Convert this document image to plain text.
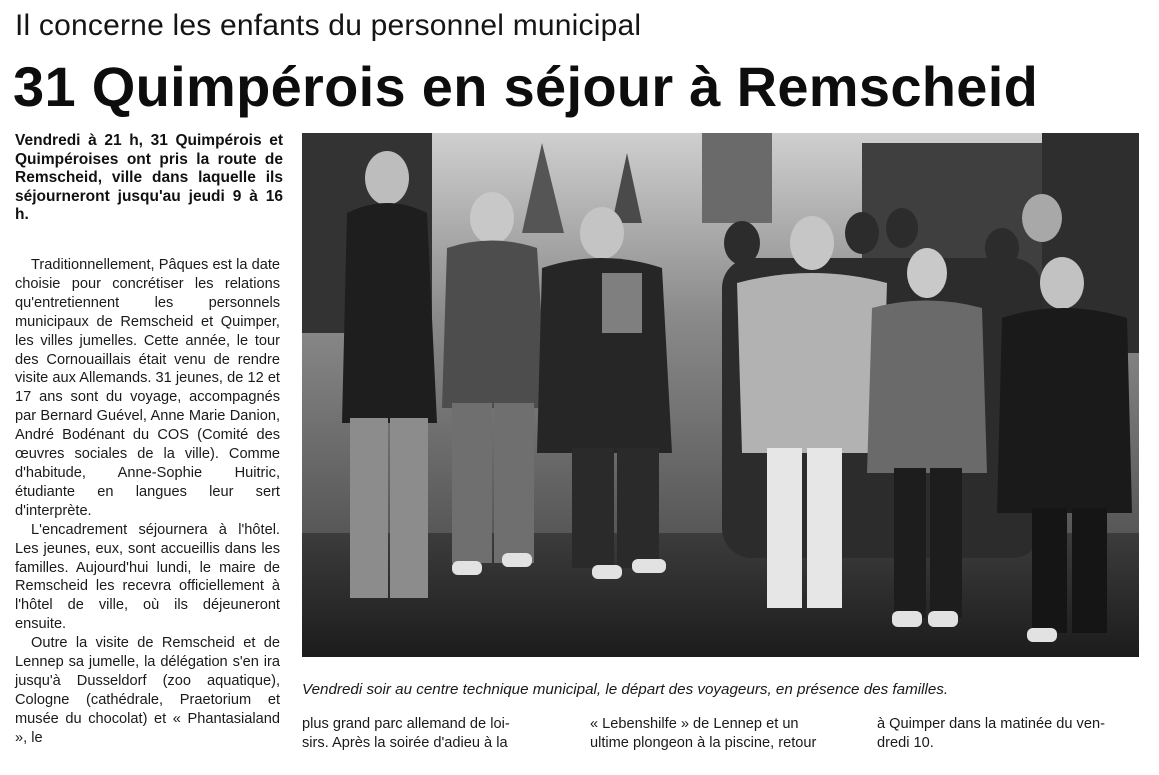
Il concerne les enfants du personnel municipal
31 Quimpérois en séjour à Remscheid

Vendredi à 21 h, 31 Quimpérois et Quimpéroises ont pris la route de Remscheid, ville dans laquelle ils séjourneront jusqu'au jeudi 9 à 16 h.

Traditionnellement, Pâques est la date choisie pour concrétiser les relations qu'entretiennent les personnels municipaux de Remscheid et Quimper, les villes jumelles. Cette année, le tour des Cornouaillais était venu de rendre visite aux Allemands. 31 jeunes, de 12 et 17 ans sont du voyage, accompagnés par Bernard Guével, Anne Marie Danion, André Bodénant du COS (Comité des œuvres sociales de la ville). Comme d'habitude, Anne-Sophie Huitric, étudiante en langues leur sert d'interprète.

L'encadrement séjournera à l'hôtel. Les jeunes, eux, sont accueillis dans les familles. Aujourd'hui lundi, le maire de Remscheid les recevra officiellement à l'hôtel de ville, où ils déjeuneront ensuite.

Outre la visite de Remscheid et de Lennep sa jumelle, la délégation s'en ira jusqu'à Dusseldorf (zoo aquatique), Cologne (cathédrale, Praetorium et musée du chocolat) et « Phantasialand », le

Vendredi soir au centre technique municipal, le départ des voyageurs, en présence des familles.
plus grand parc allemand de loi-
sirs. Après la soirée d'adieu à la
« Lebenshilfe » de Lennep et un
ultime plongeon à la piscine, retour
à Quimper dans la matinée du ven-
dredi 10.
